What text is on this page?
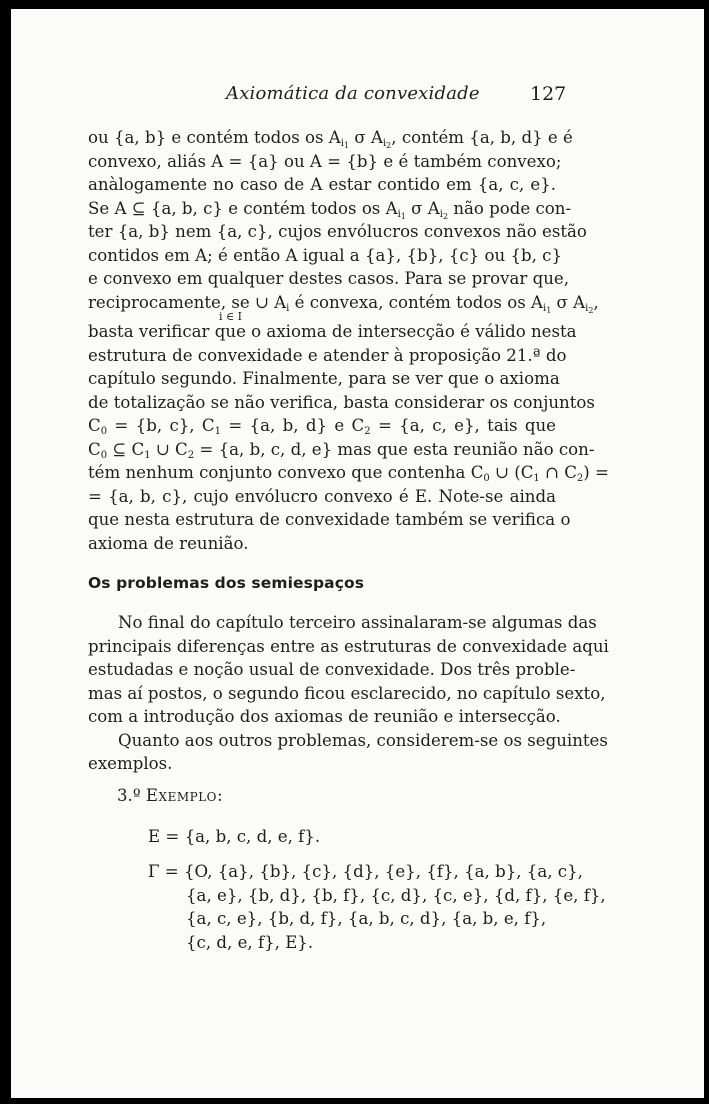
Axiomática da convexidade	127
ou {a, b} e contém todos os $A_{i_1}$ σ $A_{i_2}$, contém {a, b, d} e é
convexo, aliás A = {a} ou A = {b} e é também convexo;
anàlogamente no caso de A estar contido em {a, c, e}.
Se A ⊆ {a, b, c} e contém todos os $A_{i_1}$ σ $A_{i_2}$ não pode con-
ter {a, b} nem {a, c}, cujos envólucros convexos não estão
contidos em A; é então A igual a {a}, {b}, {c} ou {b, c}
e convexo em qualquer destes casos. Para se provar que,
reciprocamente, se ∪ $A_i$ é convexa, contém todos os $A_{i_1}$ σ $A_{i_2}$,
i ∈ I
basta verificar que o axioma de intersecção é válido nesta
estrutura de convexidade e atender à proposição 21.ª do
capítulo segundo. Finalmente, para se ver que o axioma
de totalização se não verifica, basta considerar os conjuntos
$C_0 = \{b$, c}, $C_1 = \{a$, b, d} e $C_2 = \{a$, c, e}, tais que
$C_0$ ⊆ $C_1$ ∪ $C_2 = \{a$, b, c, d, e} mas que esta reunião não con-
tém nenhum conjunto convexo que contenha $C_0$ ∪ ($C_1$ ∩ $C_2$) =
= {a, b, c}, cujo envólucro convexo é E. Note-se ainda
que nesta estrutura de convexidade também se verifica o
axioma de reunião.
Os problemas dos semiespaços
No final do capítulo terceiro assinalaram-se algumas das
principais diferenças entre as estruturas de convexidade aqui
estudadas e noção usual de convexidade. Dos três proble-
mas aí postos, o segundo ficou esclarecido, no capítulo sexto,
com a introdução dos axiomas de reunião e intersecção.
Quanto aos outros problemas, considerem-se os seguintes
exemplos.
3.º Exemplo:
E = {a, b, c, d, e, f}.
Γ = {O, {a}, {b}, {c}, {d}, {e}, {f}, {a, b}, {a, c},
{a, e}, {b, d}, {b, f}, {c, d}, {c, e}, {d, f}, {e, f},
{a, c, e}, {b, d, f}, {a, b, c, d}, {a, b, e, f},
{c, d, e, f}, E}.
